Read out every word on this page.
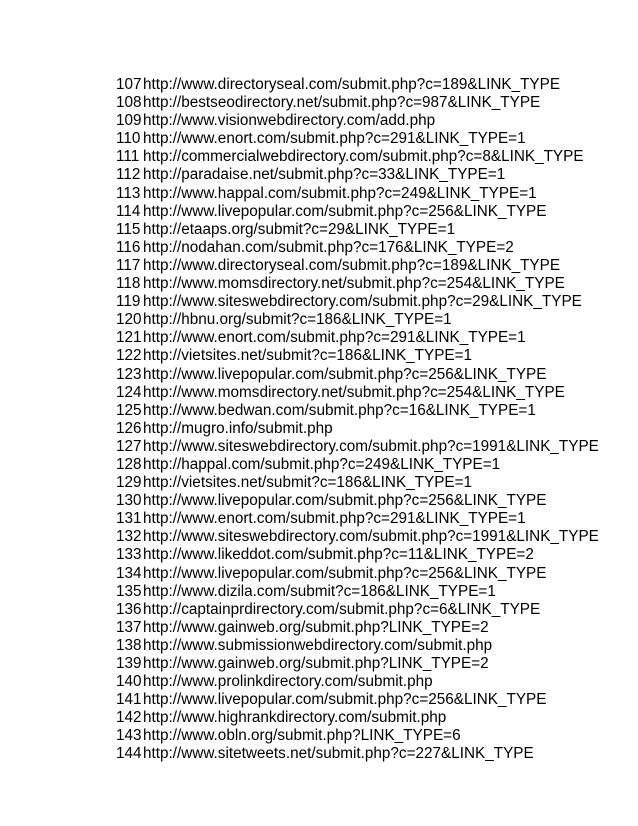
107http://www.directoryseal.com/submit.php?c=189&LINK_TYPE
108http://bestseodirectory.net/submit.php?c=987&LINK_TYPE
109http://www.visionwebdirectory.com/add.php
110 http://www.enort.com/submit.php?c=291&LINK_TYPE=1
111 http://commercialwebdirectory.com/submit.php?c=8&LINK_TYPE
112 http://paradaise.net/submit.php?c=33&LINK_TYPE=1
113 http://www.happal.com/submit.php?c=249&LINK_TYPE=1
114 http://www.livepopular.com/submit.php?c=256&LINK_TYPE
115 http://etaaps.org/submit?c=29&LINK_TYPE=1
116 http://nodahan.com/submit.php?c=176&LINK_TYPE=2
117 http://www.directoryseal.com/submit.php?c=189&LINK_TYPE
118 http://www.momsdirectory.net/submit.php?c=254&LINK_TYPE
119 http://www.siteswebdirectory.com/submit.php?c=29&LINK_TYPE
120http://hbnu.org/submit?c=186&LINK_TYPE=1
121http://www.enort.com/submit.php?c=291&LINK_TYPE=1
122http://vietsites.net/submit?c=186&LINK_TYPE=1
123http://www.livepopular.com/submit.php?c=256&LINK_TYPE
124http://www.momsdirectory.net/submit.php?c=254&LINK_TYPE
125http://www.bedwan.com/submit.php?c=16&LINK_TYPE=1
126http://mugro.info/submit.php
127http://www.siteswebdirectory.com/submit.php?c=1991&LINK_TYPE
128http://happal.com/submit.php?c=249&LINK_TYPE=1
129http://vietsites.net/submit?c=186&LINK_TYPE=1
130http://www.livepopular.com/submit.php?c=256&LINK_TYPE
131http://www.enort.com/submit.php?c=291&LINK_TYPE=1
132http://www.siteswebdirectory.com/submit.php?c=1991&LINK_TYPE
133http://www.likeddot.com/submit.php?c=11&LINK_TYPE=2
134http://www.livepopular.com/submit.php?c=256&LINK_TYPE
135http://www.dizila.com/submit?c=186&LINK_TYPE=1
136http://captainprdirectory.com/submit.php?c=6&LINK_TYPE
137http://www.gainweb.org/submit.php?LINK_TYPE=2
138http://www.submissionwebdirectory.com/submit.php
139http://www.gainweb.org/submit.php?LINK_TYPE=2
140http://www.prolinkdirectory.com/submit.php
141http://www.livepopular.com/submit.php?c=256&LINK_TYPE
142http://www.highrankdirectory.com/submit.php
143http://www.obln.org/submit.php?LINK_TYPE=6
144http://www.sitetweets.net/submit.php?c=227&LINK_TYPE
